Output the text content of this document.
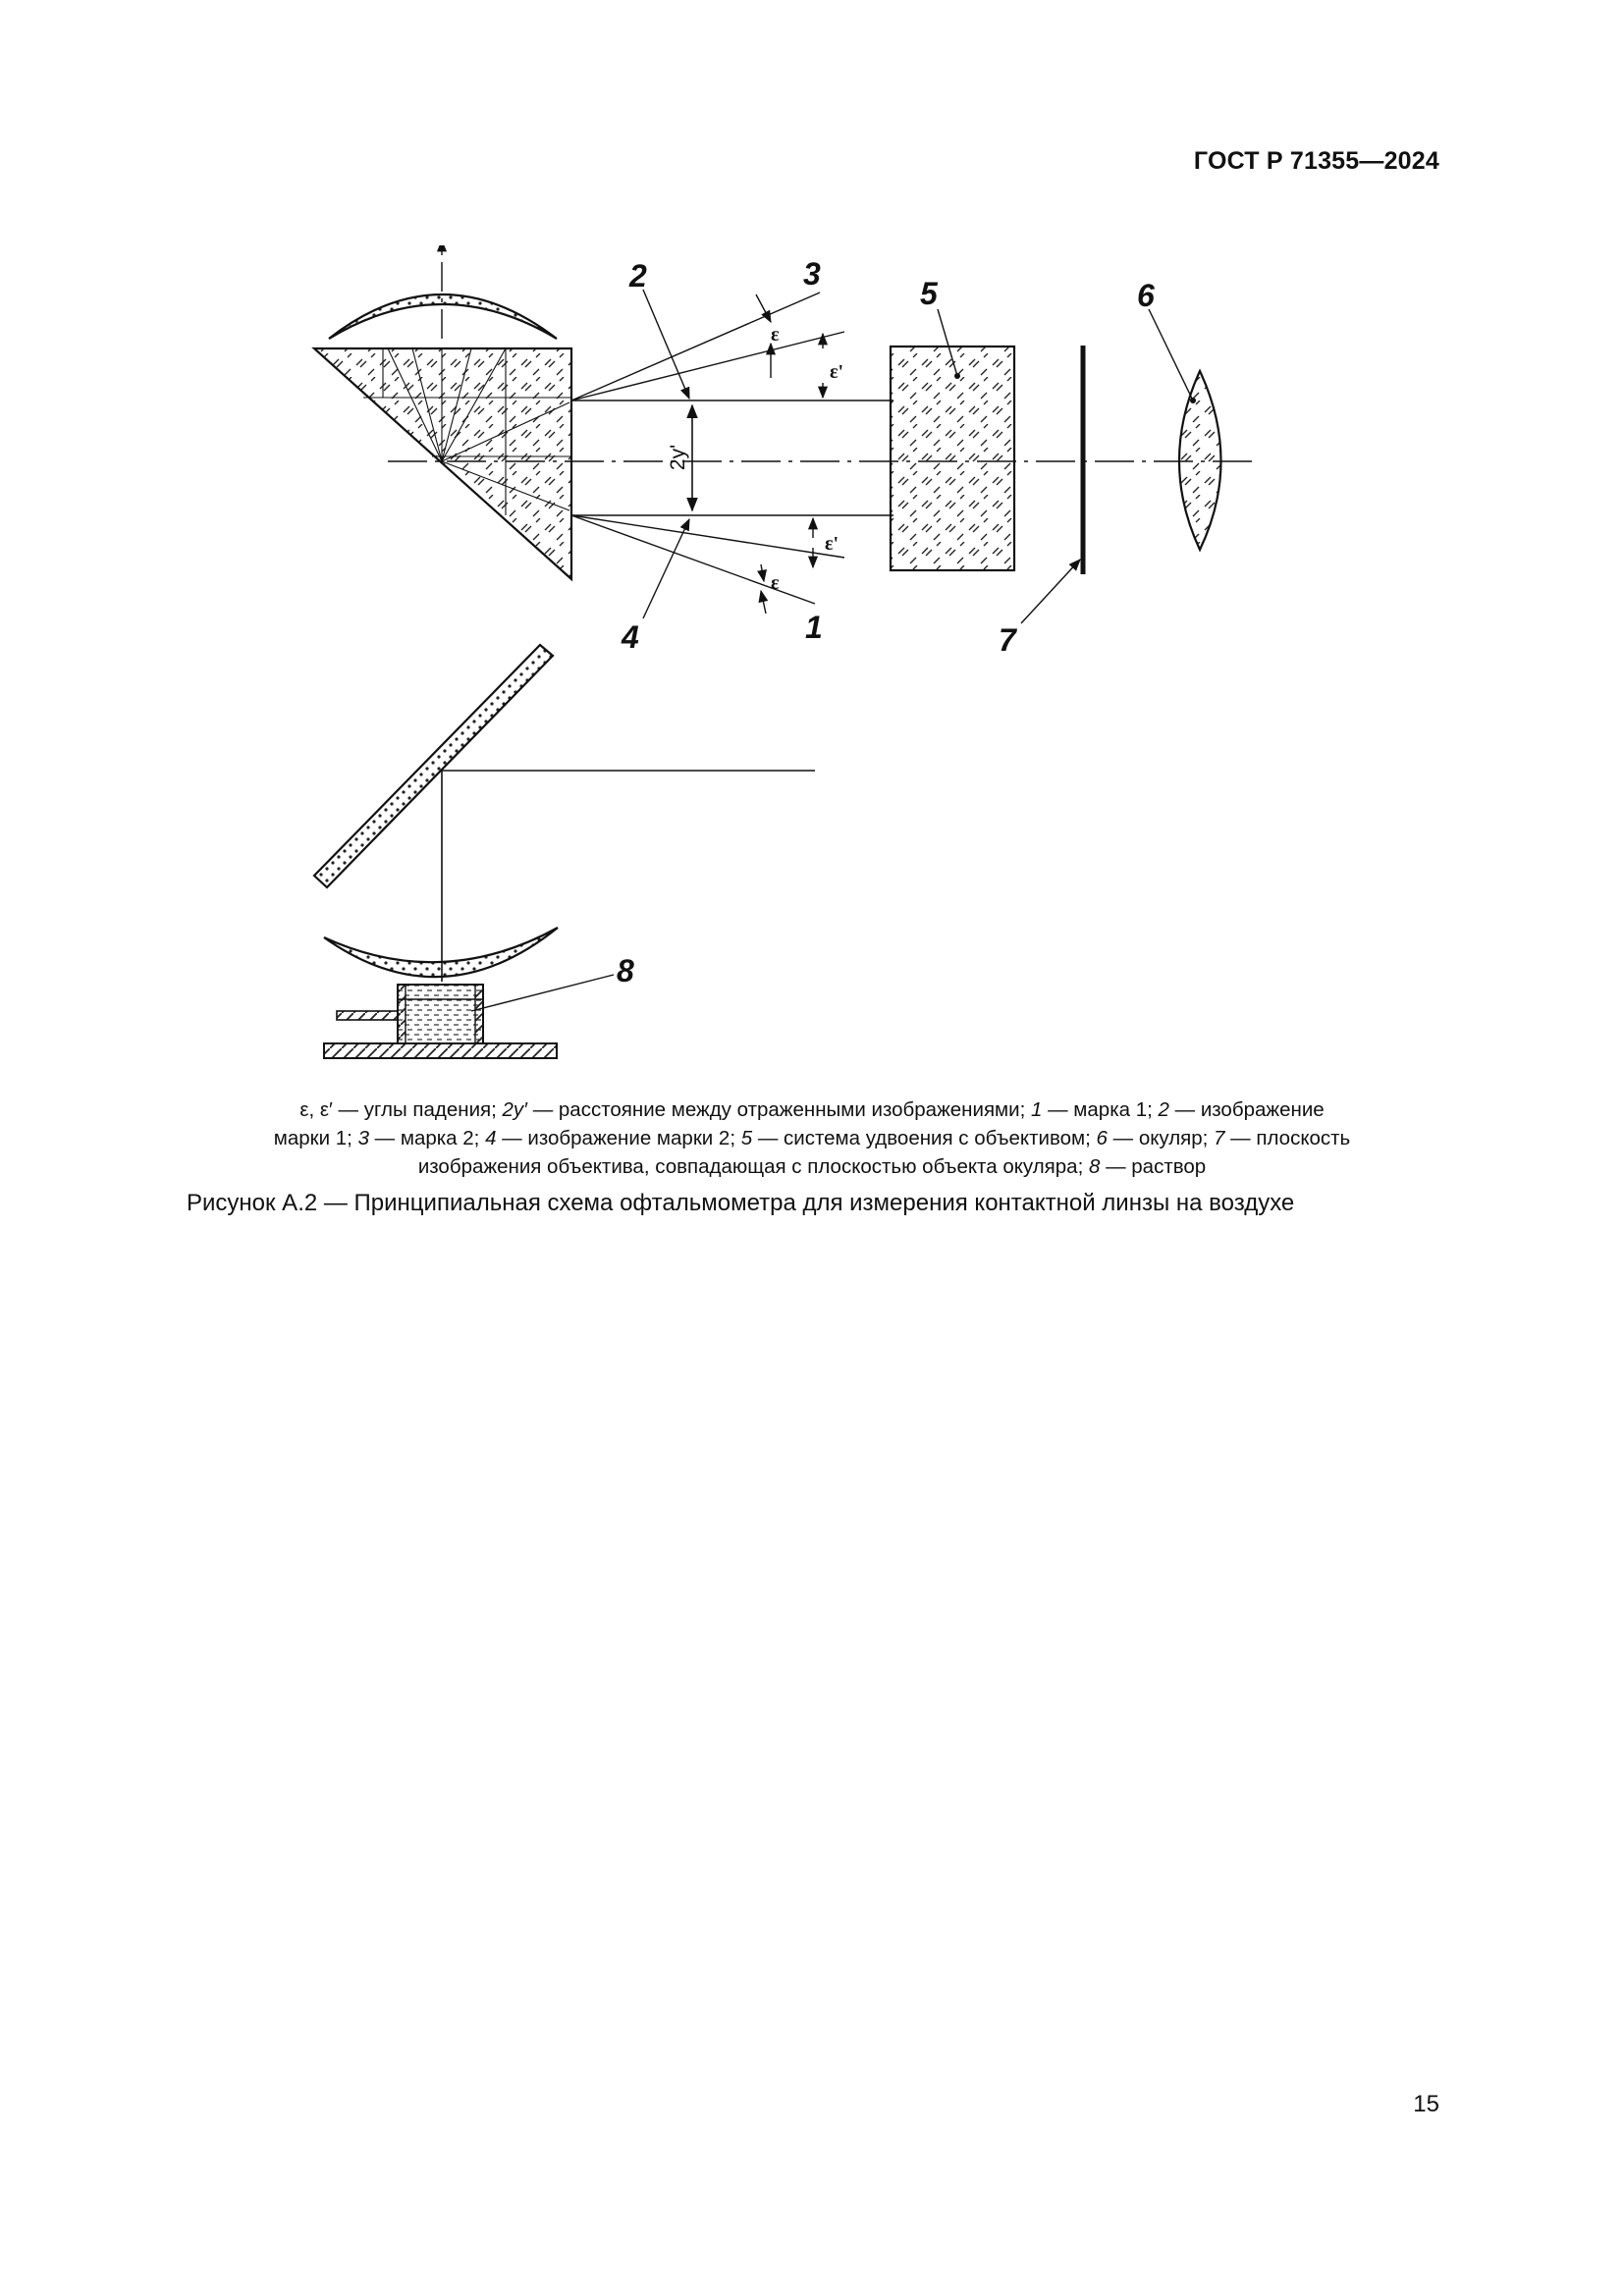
ГОСТ Р 71355—2024
2y'
ε
ε'
ε'
ε
2	3
5	6
4	1	7
8
ε, ε′ — углы падения; 2y′ — расстояние между отраженными изображениями; 1 — марка 1; 2 — изображение
марки 1; 3 — марка 2; 4 — изображение марки 2; 5 — система удвоения с объективом; 6 — окуляр; 7 — плоскость
изображения объектива, совпадающая с плоскостью объекта окуляра; 8 — раствор
Рисунок А.2 — Принципиальная схема офтальмометра для измерения контактной линзы на воздухе
15
